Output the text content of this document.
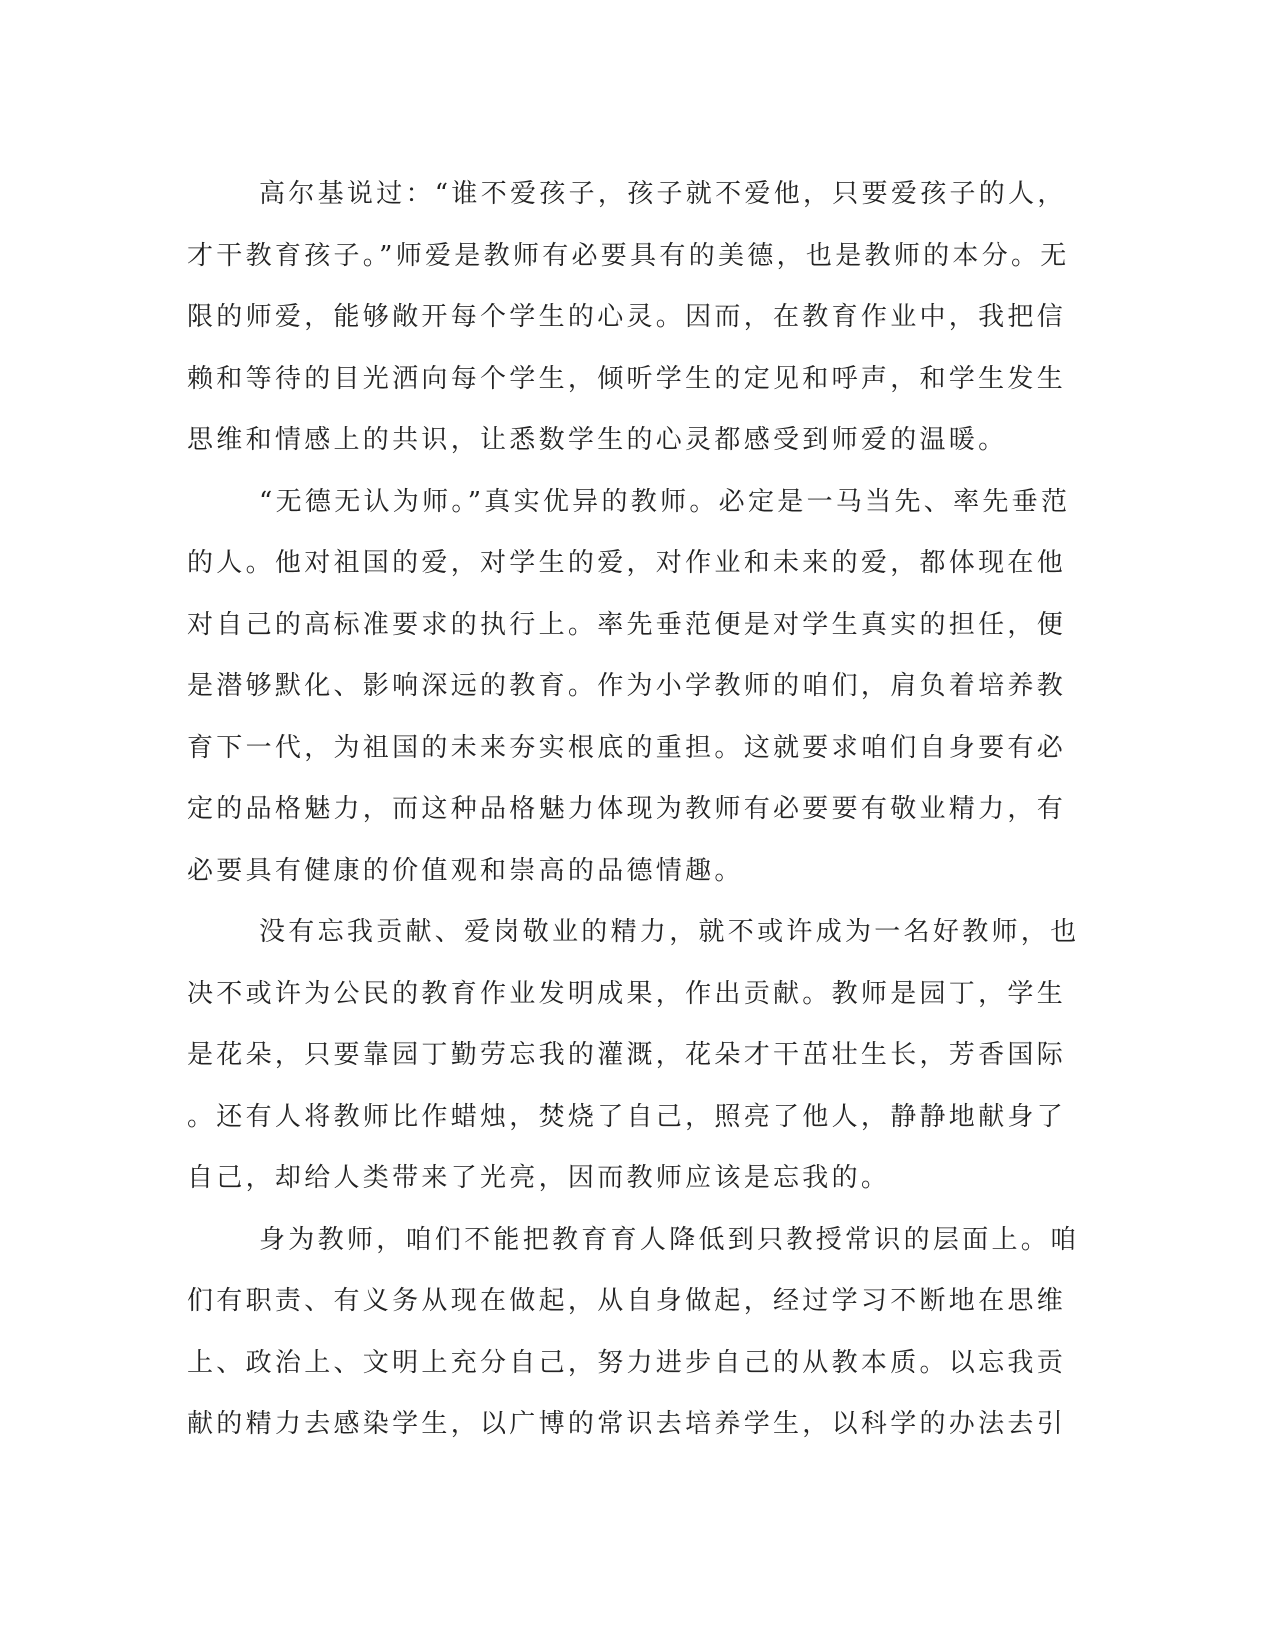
高尔基说过：“谁不爱孩子，孩子就不爱他，只要爱孩子的人，
才干教育孩子。”师爱是教师有必要具有的美德，也是教师的本分。无
限的师爱，能够敞开每个学生的心灵。因而，在教育作业中，我把信
赖和等待的目光洒向每个学生，倾听学生的定见和呼声，和学生发生
思维和情感上的共识，让悉数学生的心灵都感受到师爱的温暖。
“无德无认为师。”真实优异的教师。必定是一马当先、率先垂范
的人。他对祖国的爱，对学生的爱，对作业和未来的爱，都体现在他
对自己的高标准要求的执行上。率先垂范便是对学生真实的担任，便
是潜够默化、影响深远的教育。作为小学教师的咱们，肩负着培养教
育下一代，为祖国的未来夯实根底的重担。这就要求咱们自身要有必
定的品格魅力，而这种品格魅力体现为教师有必要要有敬业精力，有
必要具有健康的价值观和崇高的品德情趣。
没有忘我贡献、爱岗敬业的精力，就不或许成为一名好教师，也
决不或许为公民的教育作业发明成果，作出贡献。教师是园丁，学生
是花朵，只要靠园丁勤劳忘我的灌溉，花朵才干茁壮生长，芳香国际
。还有人将教师比作蜡烛，焚烧了自己，照亮了他人，静静地献身了
自己，却给人类带来了光亮，因而教师应该是忘我的。
身为教师，咱们不能把教育育人降低到只教授常识的层面上。咱
们有职责、有义务从现在做起，从自身做起，经过学习不断地在思维
上、政治上、文明上充分自己，努力进步自己的从教本质。以忘我贡
献的精力去感染学生，以广博的常识去培养学生，以科学的办法去引
